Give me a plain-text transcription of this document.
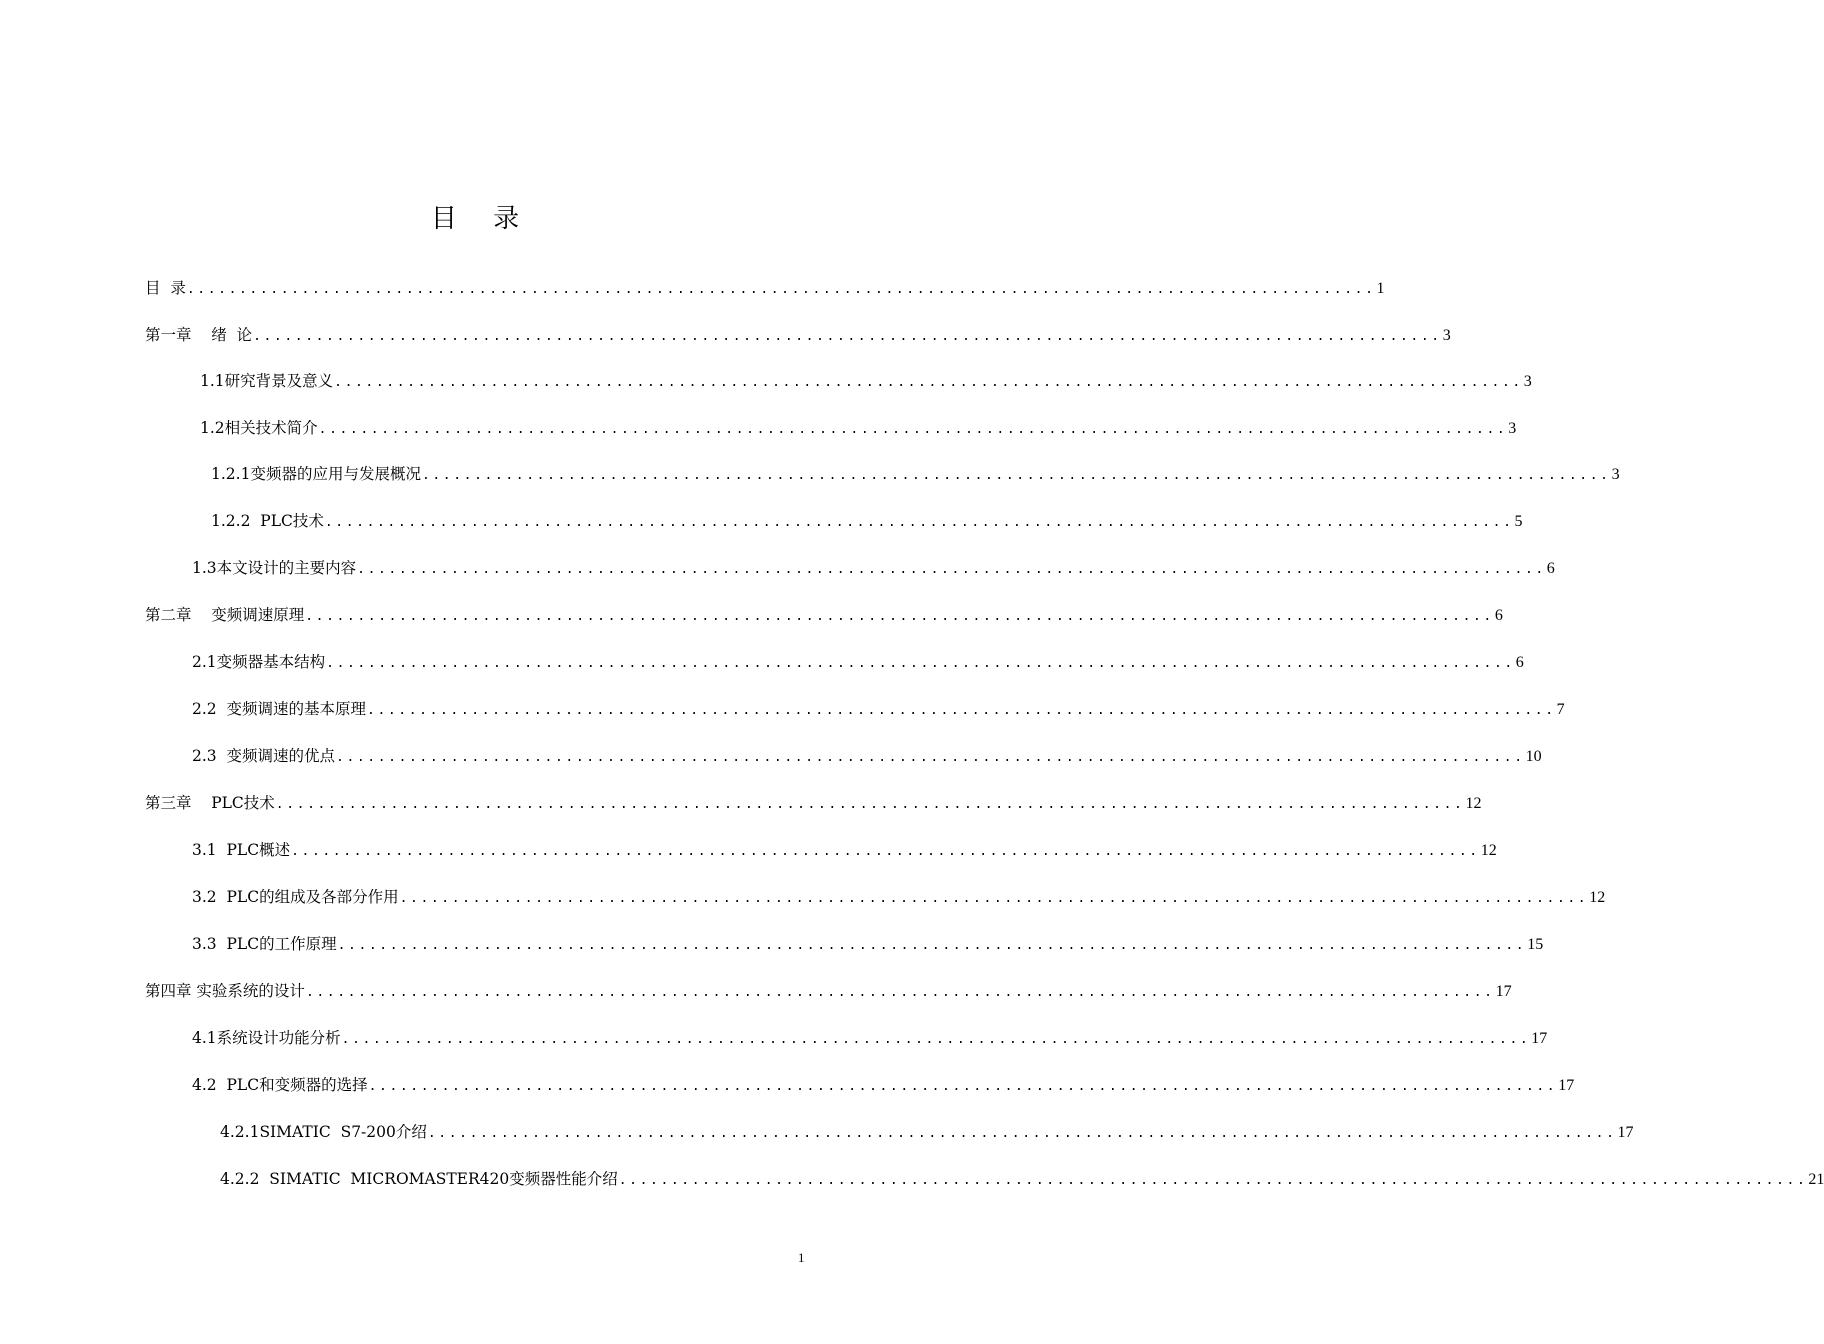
目 录
目  录 .................................................................................................................. 1
第一章    绪  论 .................................................................................................................. 3
1.1研究背景及意义 .................................................................................................................. 3
1.2相关技术简介 .................................................................................................................. 3
1.2.1变频器的应用与发展概况 .................................................................................................................. 3
1.2.2  PLC技术 .................................................................................................................. 5
1.3本文设计的主要内容 .................................................................................................................. 6
第二章    变频调速原理 .................................................................................................................. 6
2.1变频器基本结构 .................................................................................................................. 6
2.2  变频调速的基本原理 .................................................................................................................. 7
2.3  变频调速的优点 .................................................................................................................. 10
第三章    PLC技术 .................................................................................................................. 12
3.1  PLC概述 .................................................................................................................. 12
3.2  PLC的组成及各部分作用 .................................................................................................................. 12
3.3  PLC的工作原理 .................................................................................................................. 15
第四章 实验系统的设计 .................................................................................................................. 17
4.1系统设计功能分析 .................................................................................................................. 17
4.2  PLC和变频器的选择 .................................................................................................................. 17
4.2.1SIMATIC  S7-200介绍 .................................................................................................................. 17
4.2.2  SIMATIC  MICROMASTER420变频器性能介绍 .................................................................................................................. 21
1
